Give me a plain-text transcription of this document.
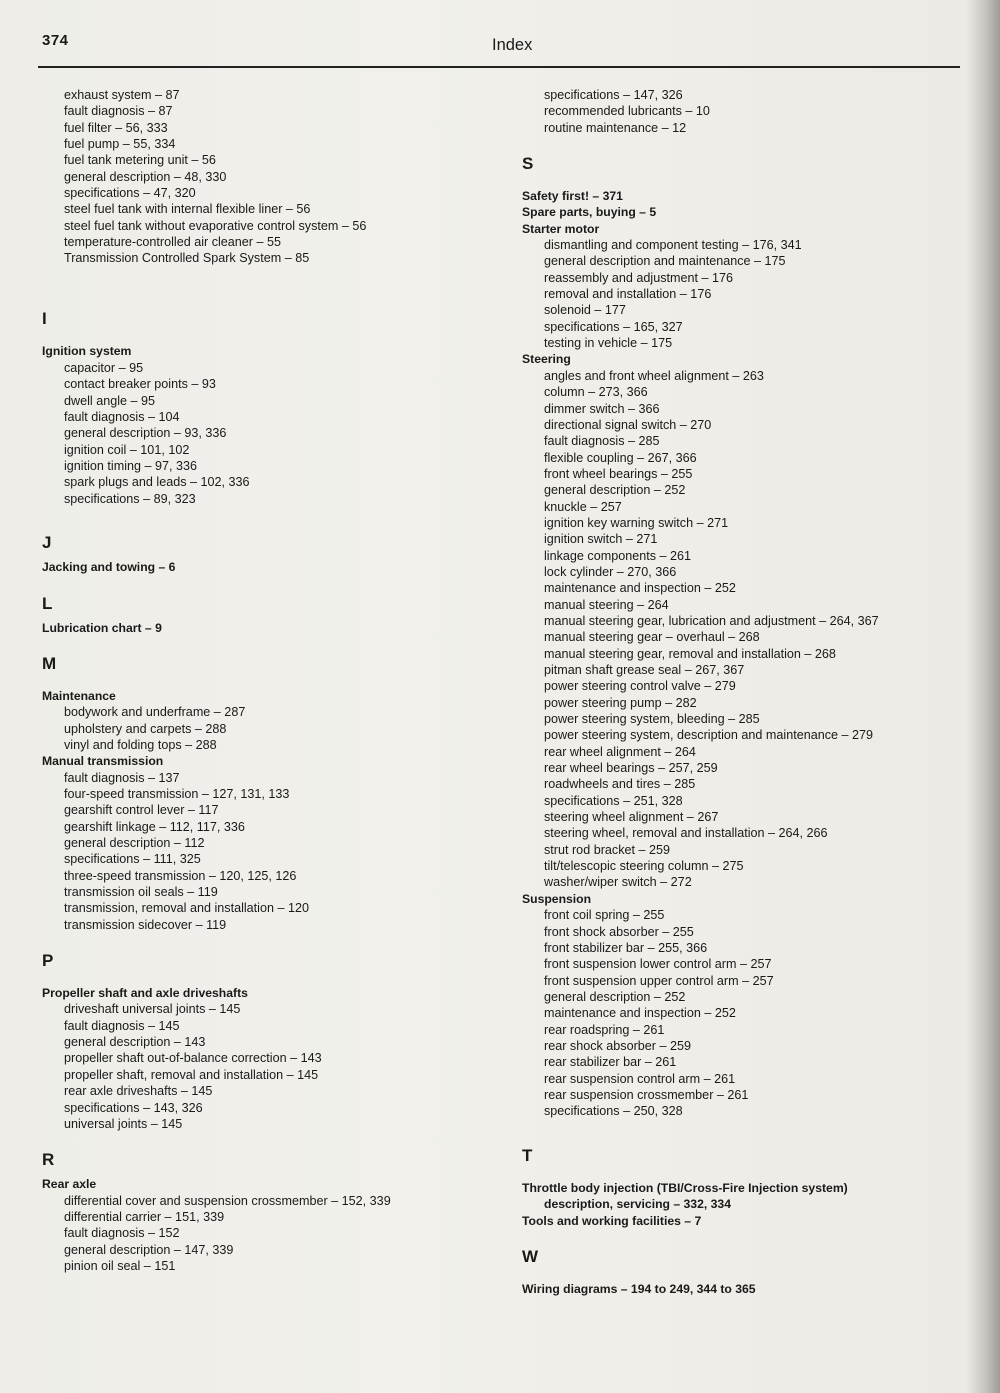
374	Index
exhaust system – 87
fault diagnosis – 87
fuel filter – 56, 333
fuel pump – 55, 334
fuel tank metering unit – 56
general description – 48, 330
specifications – 47, 320
steel fuel tank with internal flexible liner – 56
steel fuel tank without evaporative control system – 56
temperature-controlled air cleaner – 55
Transmission Controlled Spark System – 85
I
Ignition system
capacitor – 95
contact breaker points – 93
dwell angle – 95
fault diagnosis – 104
general description – 93, 336
ignition coil – 101, 102
ignition timing – 97, 336
spark plugs and leads – 102, 336
specifications – 89, 323
J
Jacking and towing – 6
L
Lubrication chart – 9
M
Maintenance
bodywork and underframe – 287
upholstery and carpets – 288
vinyl and folding tops – 288
Manual transmission
fault diagnosis – 137
four-speed transmission – 127, 131, 133
gearshift control lever – 117
gearshift linkage – 112, 117, 336
general description – 112
specifications – 111, 325
three-speed transmission – 120, 125, 126
transmission oil seals – 119
transmission, removal and installation – 120
transmission sidecover – 119
P
Propeller shaft and axle driveshafts
driveshaft universal joints – 145
fault diagnosis – 145
general description – 143
propeller shaft out-of-balance correction – 143
propeller shaft, removal and installation – 145
rear axle driveshafts – 145
specifications – 143, 326
universal joints – 145
R
Rear axle
differential cover and suspension crossmember – 152, 339
differential carrier – 151, 339
fault diagnosis – 152
general description – 147, 339
pinion oil seal – 151
specifications – 147, 326
recommended lubricants – 10
routine maintenance – 12
S
Safety first! – 371
Spare parts, buying – 5
Starter motor
dismantling and component testing – 176, 341
general description and maintenance – 175
reassembly and adjustment – 176
removal and installation – 176
solenoid – 177
specifications – 165, 327
testing in vehicle – 175
Steering
angles and front wheel alignment – 263
column – 273, 366
dimmer switch – 366
directional signal switch – 270
fault diagnosis – 285
flexible coupling – 267, 366
front wheel bearings – 255
general description – 252
knuckle – 257
ignition key warning switch – 271
ignition switch – 271
linkage components – 261
lock cylinder – 270, 366
maintenance and inspection – 252
manual steering – 264
manual steering gear, lubrication and adjustment – 264, 367
manual steering gear – overhaul – 268
manual steering gear, removal and installation – 268
pitman shaft grease seal – 267, 367
power steering control valve – 279
power steering pump – 282
power steering system, bleeding – 285
power steering system, description and maintenance – 279
rear wheel alignment – 264
rear wheel bearings – 257, 259
roadwheels and tires – 285
specifications – 251, 328
steering wheel alignment – 267
steering wheel, removal and installation – 264, 266
strut rod bracket – 259
tilt/telescopic steering column – 275
washer/wiper switch – 272
Suspension
front coil spring – 255
front shock absorber – 255
front stabilizer bar – 255, 366
front suspension lower control arm – 257
front suspension upper control arm – 257
general description – 252
maintenance and inspection – 252
rear roadspring – 261
rear shock absorber – 259
rear stabilizer bar – 261
rear suspension control arm – 261
rear suspension crossmember – 261
specifications – 250, 328
T
Throttle body injection (TBI/Cross-Fire Injection system)
description, servicing – 332, 334
Tools and working facilities – 7
W
Wiring diagrams – 194 to 249, 344 to 365
